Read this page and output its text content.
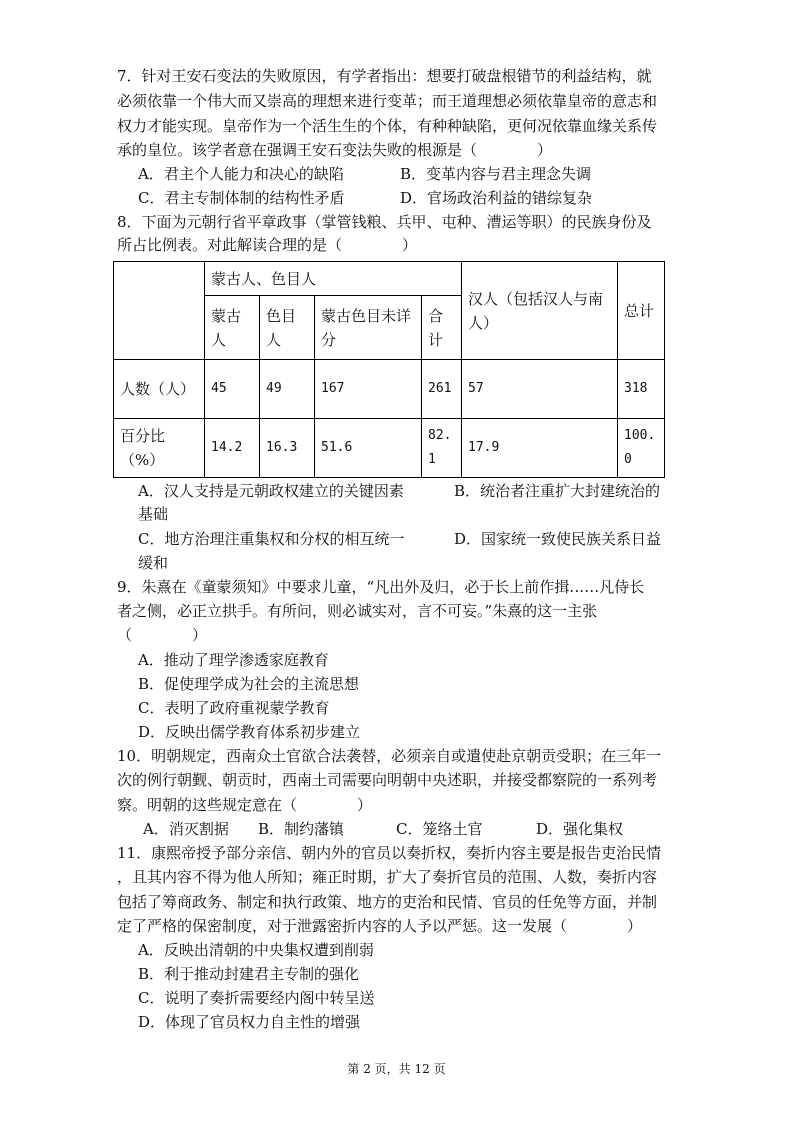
7．针对王安石变法的失败原因，有学者指出：想要打破盘根错节的利益结构，就
必须依靠一个伟大而又崇高的理想来进行变革；而王道理想必须依靠皇帝的意志和
权力才能实现。皇帝作为一个活生生的个体，有种种缺陷，更何况依靠血缘关系传
承的皇位。该学者意在强调王安石变法失败的根源是（　　　　）
A．君主个人能力和决心的缺陷	B．变革内容与君主理念失调
C．君主专制体制的结构性矛盾	D．官场政治利益的错综复杂
8．下面为元朝行省平章政事（掌管钱粮、兵甲、屯种、漕运等职）的民族身份及
所占比例表。对此解读合理的是（　　　　）
	蒙古人、色目人				汉人（包括汉人与南人）	总计
	蒙古人	色目人	蒙古色目未详分	合计		
人数（人）	45	49	167	261	57	318
百分比（%）	14.2	16.3	51.6	82.1	17.9	100.0
A．汉人支持是元朝政权建立的关键因素	B．统治者注重扩大封建统治的
基础
C．地方治理注重集权和分权的相互统一	D．国家统一致使民族关系日益
缓和
9．朱熹在《童蒙须知》中要求儿童，“凡出外及归，必于长上前作揖……凡侍长
者之侧，必正立拱手。有所问，则必诚实对，言不可妄。”朱熹的这一主张
（　　　　）
A．推动了理学渗透家庭教育
B．促使理学成为社会的主流思想
C．表明了政府重视蒙学教育
D．反映出儒学教育体系初步建立
10．明朝规定，西南众土官欲合法袭替，必须亲自或遣使赴京朝贡受职；在三年一
次的例行朝觐、朝贡时，西南土司需要向明朝中央述职，并接受都察院的一系列考
察。明朝的这些规定意在（　　　　）
A．消灭割据 B．制约藩镇	C．笼络土官	D．强化集权
11．康熙帝授予部分亲信、朝内外的官员以奏折权，奏折内容主要是报告吏治民情
，且其内容不得为他人所知；雍正时期，扩大了奏折官员的范围、人数，奏折内容
包括了筹商政务、制定和执行政策、地方的吏治和民情、官员的任免等方面，并制
定了严格的保密制度，对于泄露密折内容的人予以严惩。这一发展（　　　　）
A．反映出清朝的中央集权遭到削弱
B．利于推动封建君主专制的强化
C．说明了奏折需要经内阁中转呈送
D．体现了官员权力自主性的增强
第 2 页，共 12 页
